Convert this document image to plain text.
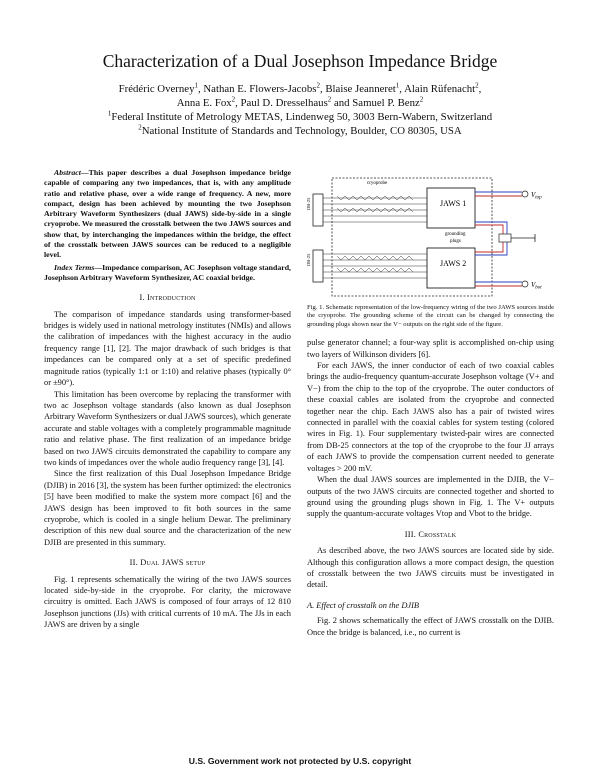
Characterization of a Dual Josephson Impedance Bridge
Frédéric Overney$^1$, Nathan E. Flowers-Jacobs$^2$, Blaise Jeanneret$^1$, Alain Rüfenacht$^2$,
Anna E. Fox$^2$, Paul D. Dresselhaus$^2$ and Samuel P. Benz$^2$
$^1$Federal Institute of Metrology METAS, Lindenweg 50, 3003 Bern-Wabern, Switzerland
$^2$National Institute of Standards and Technology, Boulder, CO 80305, USA

Abstract—This paper describes a dual Josephson impedance bridge capable of comparing any two impedances, that is, with any amplitude ratio and relative phase, over a wide range of frequency. A new, more compact, design has been achieved by mounting the two Josephson Arbitrary Waveform Synthesizers (dual JAWS) side-by-side in a single cryoprobe. We measured the crosstalk between the two JAWS sources and show that, by interchanging the impedances within the bridge, the effect of the crosstalk between JAWS sources can be reduced to a negligible level.

Index Terms—Impedance comparison, AC Josephson voltage standard, Josephson Arbitrary Waveform Synthesizer, AC coaxial bridge.

I. Introduction

The comparison of impedance standards using transformer-based bridges is widely used in national metrology institutes (NMIs) and allows the calibration of impedances with the highest accuracy in the audio frequency range [1], [2]. The major drawback of such bridges is that impedances can be compared only at a set of specific predefined magnitude ratios (typically 1:1 or 1:10) and relative phases (typically 0° or ±90°).

This limitation has been overcome by replacing the transformer with two ac Josephson voltage standards (also known as dual Josephson Arbitrary Waveform Synthesizers or dual JAWS sources), which generate accurate and stable voltages with a completely programmable magnitude ratio and relative phase. The first realization of an impedance bridge based on two JAWS circuits demonstrated the capability to compare any two kinds of impedances over the whole audio frequency range [3], [4].

Since the first realization of this Dual Josephson Impedance Bridge (DJIB) in 2016 [3], the system has been further optimized: the electronics [5] have been modified to make the system more compact [6] and the JAWS design has been improved to fit both sources in the same cryoprobe, which is cooled in a single helium Dewar. The preliminary description of this new dual source and the characterization of the new DJIB are presented in this summary.

II. Dual JAWS setup

Fig. 1 represents schematically the wiring of the two JAWS sources located side-by-side in the cryoprobe. For clarity, the microwave circuitry is omitted. Each JAWS is composed of four arrays of 12 810 Josephson junctions (JJs) with critical currents of 10 mA. The JJs in each JAWS are driven by a single

DB-25
DB-25
JAWS 1
JAWS 2
grounding
plugs
cryoprobe
$V_{top}$
$V_{bot}$

Fig. 1. Schematic representation of the low-frequency wiring of the two JAWS sources inside the cryoprobe. The grounding scheme of the circuit can be changed by connecting the grounding plugs shown near the V− outputs on the right side of the figure.

pulse generator channel; a four-way split is accomplished on-chip using two layers of Wilkinson dividers [6].

For each JAWS, the inner conductor of each of two coaxial cables brings the audio-frequency quantum-accurate Josephson voltage (V+ and V−) from the chip to the top of the cryoprobe. The outer conductors of these coaxial cables are isolated from the cryoprobe and connected together near the chip. Each JAWS also has a pair of twisted wires connected in parallel with the coaxial cables for system testing (colored wires in Fig. 1). Four supplementary twisted-pair wires are connected from DB-25 connectors at the top of the cryoprobe to the four JJ arrays of each JAWS to provide the compensation current needed to generate voltages > 200 mV.

When the dual JAWS sources are implemented in the DJIB, the V− outputs of the two JAWS circuits are connected together and shorted to ground using the grounding plugs shown in Fig. 1. The V+ outputs supply the quantum-accurate voltages Vtop and Vbot to the bridge.

III. Crosstalk

As described above, the two JAWS sources are located side by side. Although this configuration allows a more compact design, the question of crosstalk between the two JAWS circuits must be investigated in detail.

A. Effect of crosstalk on the DJIB

Fig. 2 shows schematically the effect of JAWS crosstalk on the DJIB. Once the bridge is balanced, i.e., no current is

U.S. Government work not protected by U.S. copyright
